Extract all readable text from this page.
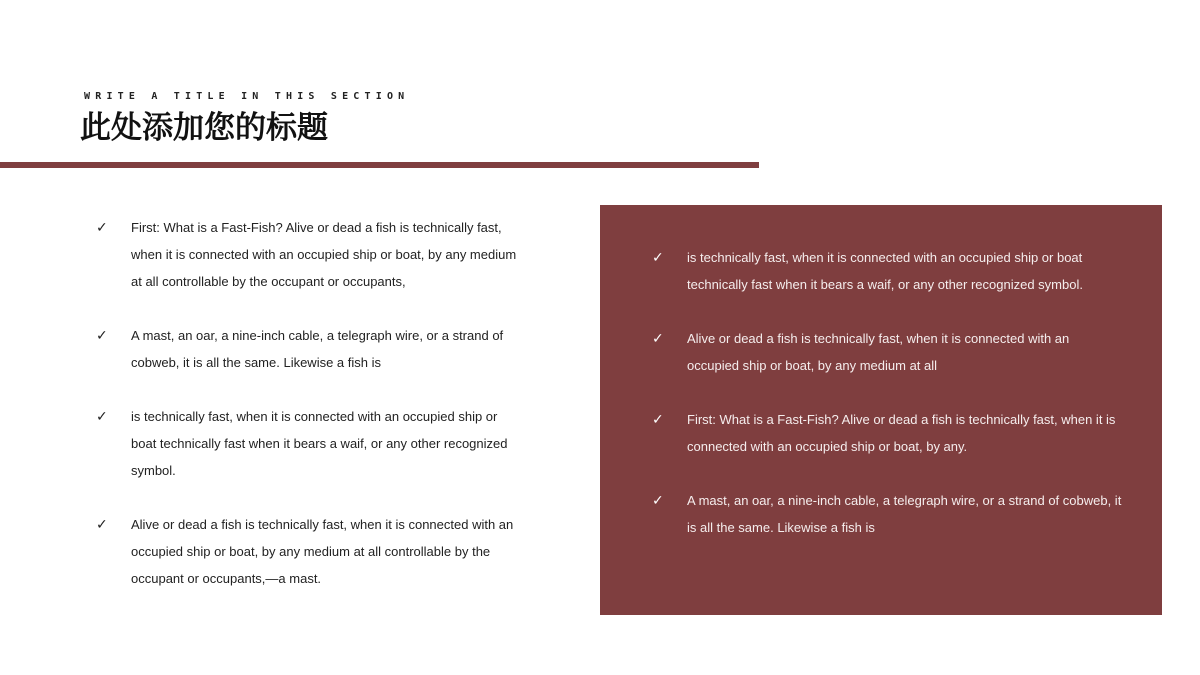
WRITE A TITLE IN THIS SECTION
此处添加您的标题
✓ First: What is a Fast-Fish? Alive or dead a fish is technically fast, when it is connected with an occupied ship or boat, by any medium at all controllable by the occupant or occupants,
✓ A mast, an oar, a nine-inch cable, a telegraph wire, or a strand of cobweb, it is all the same. Likewise a fish is
✓ is technically fast, when it is connected with an occupied ship or boat technically fast when it bears a waif, or any other recognized symbol.
✓ Alive or dead a fish is technically fast, when it is connected with an occupied ship or boat, by any medium at all controllable by the occupant or occupants,—a mast.
✓ is technically fast, when it is connected with an occupied ship or boat technically fast when it bears a waif, or any other recognized symbol.
✓ Alive or dead a fish is technically fast, when it is connected with an occupied ship or boat, by any medium at all
✓ First: What is a Fast-Fish? Alive or dead a fish is technically fast, when it is connected with an occupied ship or boat, by any.
✓ A mast, an oar, a nine-inch cable, a telegraph wire, or a strand of cobweb, it is all the same. Likewise a fish is
